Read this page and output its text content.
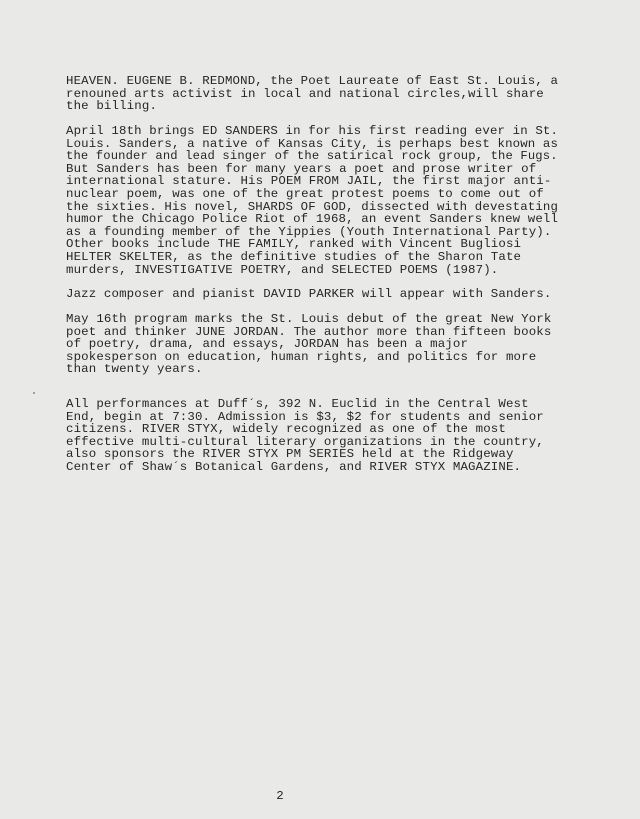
HEAVEN. EUGENE B. REDMOND, the Poet Laureate of East St. Louis, a
renouned arts activist in local and national circles,will share
the billing.
April 18th brings ED SANDERS in for his first reading ever in St.
Louis. Sanders, a native of Kansas City, is perhaps best known as
the founder and lead singer of the satirical rock group, the Fugs.
But Sanders has been for many years a poet and prose writer of
international stature. His POEM FROM JAIL, the first major anti-
nuclear poem, was one of the great protest poems to come out of
the sixties. His novel, SHARDS OF GOD, dissected with devestating
humor the Chicago Police Riot of 1968, an event Sanders knew well
as a founding member of the Yippies (Youth International Party).
Other books include THE FAMILY, ranked with Vincent Bugliosi
HELTER SKELTER, as the definitive studies of the Sharon Tate
murders, INVESTIGATIVE POETRY, and SELECTED POEMS (1987).
Jazz composer and pianist DAVID PARKER will appear with Sanders.
May 16th program marks the St. Louis debut of the great New York
poet and thinker JUNE JORDAN. The author more than fifteen books
of poetry, drama, and essays, JORDAN has been a major
spokesperson on education, human rights, and politics for more
than twenty years.
All performances at Duff´s, 392 N. Euclid in the Central West
End, begin at 7:30. Admission is $3, $2 for students and senior
citizens. RIVER STYX, widely recognized as one of the most
effective multi-cultural literary organizations in the country,
also sponsors the RIVER STYX PM SERIES held at the Ridgeway
Center of Shaw´s Botanical Gardens, and RIVER STYX MAGAZINE.
2
